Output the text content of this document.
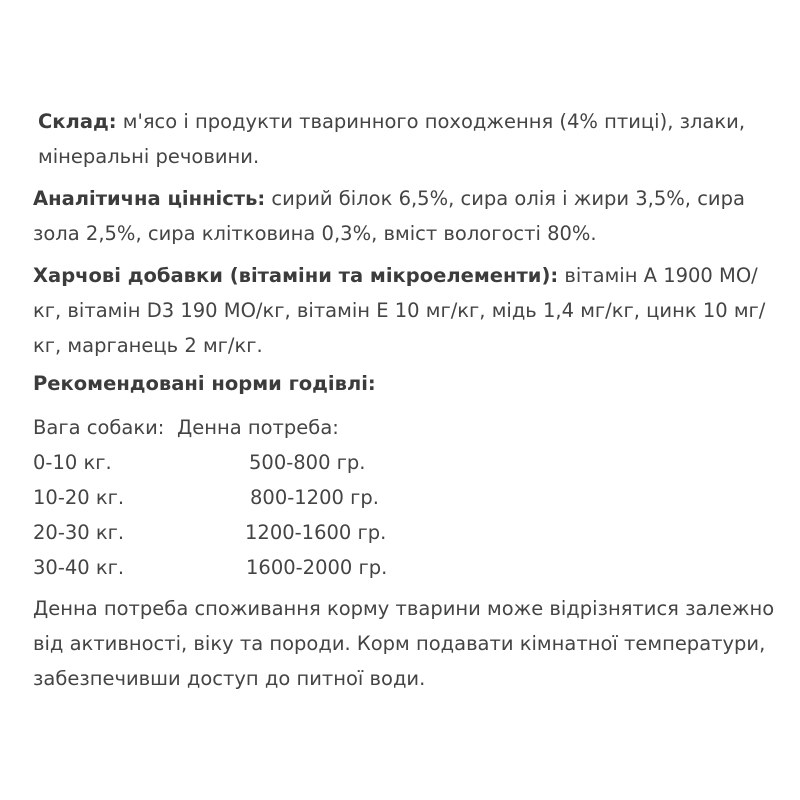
Склад: м'ясо і продукти тваринного походження (4% птиці), злаки, мінеральні речовини.

Аналітична цінність: сирий білок 6,5%, сира олія і жири 3,5%, сира зола 2,5%, сира клітковина 0,3%, вміст вологості 80%.

Харчові добавки (вітаміни та мікроелементи): вітамін А 1900 МО/кг, вітамін D3 190 МО/кг, вітамін Е 10 мг/кг, мідь 1,4 мг/кг, цинк 10 мг/кг, марганець 2 мг/кг.

Рекомендовані норми годівлі:

Вага собаки: Денна потреба:
0-10 кг.	500-800 гр.
10-20 кг.	800-1200 гр.
20-30 кг.	1200-1600 гр.
30-40 кг.	1600-2000 гр.

Денна потреба споживання корму тварини може відрізнятися залежно від активності, віку та породи. Корм подавати кімнатної температури, забезпечивши доступ до питної води.
